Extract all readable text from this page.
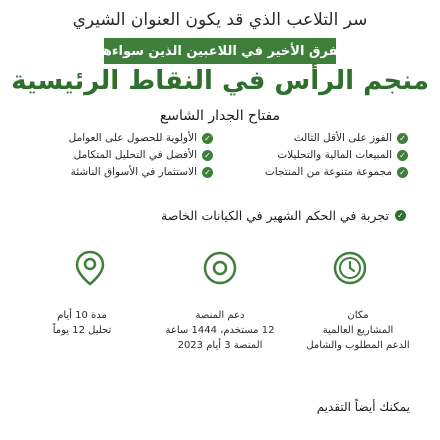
سر التلاعب الذي قد يكون العنوان الشيري
الفرق الأخير في اللاعبين الذين سواءهم
منجم الرأس في النقاط الرئيسية
مفتاح الجدار الشاسع
✓
الفوز على الأقل الثالث
✓
الأولوية للحصول على العوامل
✓
المبيعات المالية والتحليلات
✓
الأفضل في التحليل المتكامل
✓
مجموعة متنوعة من المنتجات
✓
الاستثمار في الأسواق الناشئة
✓
تجربة في الحكم الشهير في الكيانات الخاصة
مكان
المشاريع العالمية
الدعم المطلوب والشامل
دعم المنصة
12 مستخدم، 1444 ساعة
المنصة 3 أيام 2023
مدة 10 أيام
تحليل 12 يوماً
يمكنك أيضاً التقديم
